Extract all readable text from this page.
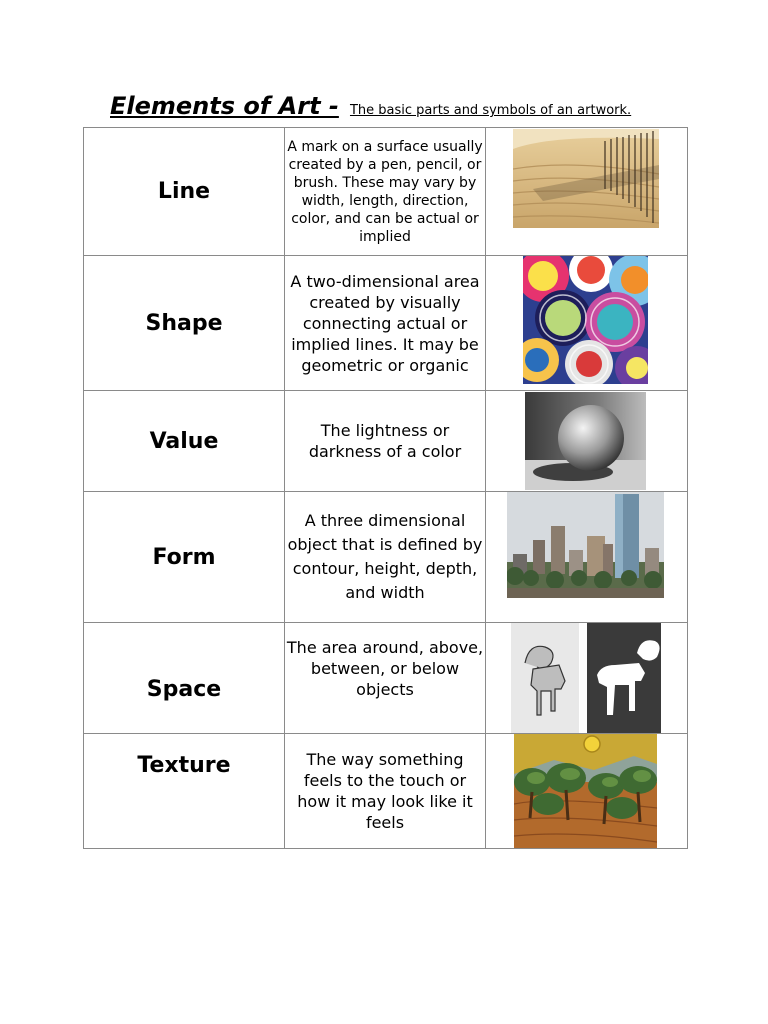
Elements of Art - The basic parts and symbols of an artwork.
Line	A mark on a surface usually created by a pen, pencil, or brush. These may vary by width, length, direction, color, and can be actual or implied	

Shape	A two-dimensional area created by visually connecting actual or implied lines. It may be geometric or organic	

Value	The lightness or darkness of a color	

Form	A three dimensional object that is defined by contour, height, depth, and width	

Space	The area around, above, between, or below objects

Texture	The way something feels to the touch or how it may look like it feels	
